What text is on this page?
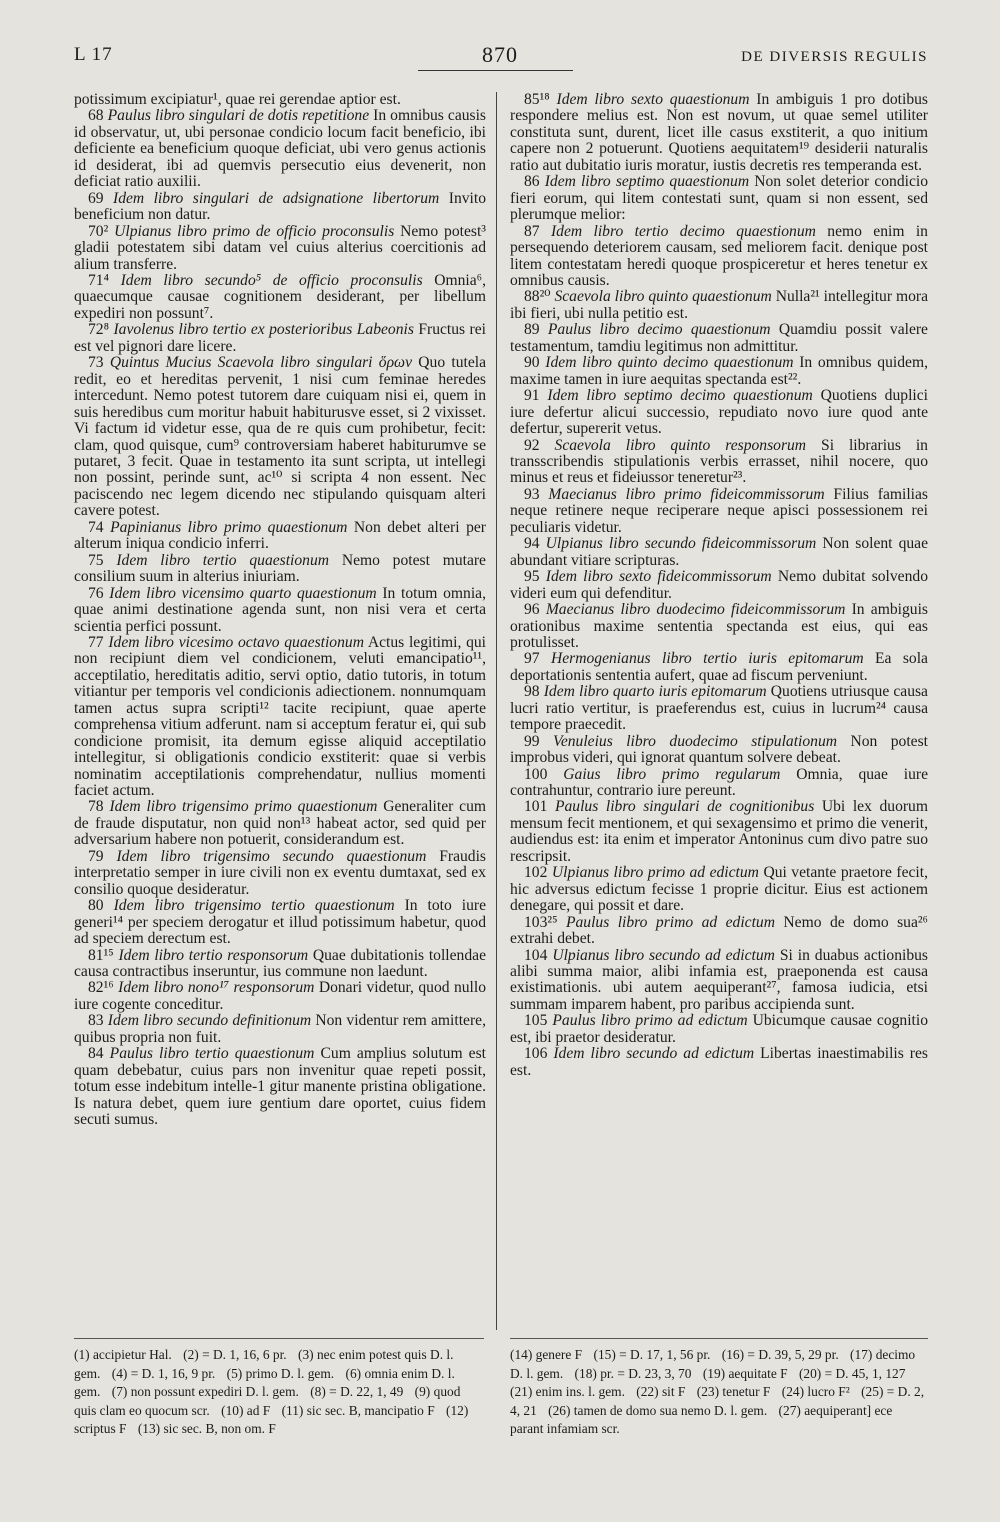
L 17	870	DE DIVERSIS REGULIS

potissimum excipiatur¹, quae rei gerendae aptior est.

68 Paulus libro singulari de dotis repetitione In omnibus causis id observatur, ut, ubi personae condicio locum facit beneficio, ibi deficiente ea beneficium quoque deficiat, ubi vero genus actionis id desiderat, ibi ad quemvis persecutio eius devenerit, non deficiat ratio auxilii.

69 Idem libro singulari de adsignatione libertorum Invito beneficium non datur.

70² Ulpianus libro primo de officio proconsulis Nemo potest³ gladii potestatem sibi datam vel cuius alterius coercitionis ad alium transferre.

71⁴ Idem libro secundo⁵ de officio proconsulis Omnia⁶, quaecumque causae cognitionem desiderant, per libellum expediri non possunt⁷.

72⁸ Iavolenus libro tertio ex posterioribus Labeonis Fructus rei est vel pignori dare licere.

73 Quintus Mucius Scaevola libro singulari ὅρων Quo tutela redit, eo et hereditas pervenit, 1 nisi cum feminae heredes intercedunt. Nemo potest tutorem dare cuiquam nisi ei, quem in suis heredibus cum moritur habuit habiturusve esset, si 2 vixisset. Vi factum id videtur esse, qua de re quis cum prohibetur, fecit: clam, quod quisque, cum⁹ controversiam haberet habiturumve se putaret, 3 fecit. Quae in testamento ita sunt scripta, ut intellegi non possint, perinde sunt, ac¹⁰ si scripta 4 non essent. Nec paciscendo nec legem dicendo nec stipulando quisquam alteri cavere potest.

74 Papinianus libro primo quaestionum Non debet alteri per alterum iniqua condicio inferri.

75 Idem libro tertio quaestionum Nemo potest mutare consilium suum in alterius iniuriam.

76 Idem libro vicensimo quarto quaestionum In totum omnia, quae animi destinatione agenda sunt, non nisi vera et certa scientia perfici possunt.

77 Idem libro vicesimo octavo quaestionum Actus legitimi, qui non recipiunt diem vel condicionem, veluti emancipatio¹¹, acceptilatio, hereditatis aditio, servi optio, datio tutoris, in totum vitiantur per temporis vel condicionis adiectionem. nonnumquam tamen actus supra scripti¹² tacite recipiunt, quae aperte comprehensa vitium adferunt. nam si acceptum feratur ei, qui sub condicione promisit, ita demum egisse aliquid acceptilatio intellegitur, si obligationis condicio exstiterit: quae si verbis nominatim acceptilationis comprehendatur, nullius momenti faciet actum.

78 Idem libro trigensimo primo quaestionum Generaliter cum de fraude disputatur, non quid non¹³ habeat actor, sed quid per adversarium habere non potuerit, considerandum est.

79 Idem libro trigensimo secundo quaestionum Fraudis interpretatio semper in iure civili non ex eventu dumtaxat, sed ex consilio quoque desideratur.

80 Idem libro trigensimo tertio quaestionum In toto iure generi¹⁴ per speciem derogatur et illud potissimum habetur, quod ad speciem derectum est.

81¹⁵ Idem libro tertio responsorum Quae dubitationis tollendae causa contractibus inseruntur, ius commune non laedunt.

82¹⁶ Idem libro nono¹⁷ responsorum Donari videtur, quod nullo iure cogente conceditur.

83 Idem libro secundo definitionum Non videntur rem amittere, quibus propria non fuit.

84 Paulus libro tertio quaestionum Cum amplius solutum est quam debebatur, cuius pars non invenitur quae repeti possit, totum esse indebitum intelle-1 gitur manente pristina obligatione. Is natura debet, quem iure gentium dare oportet, cuius fidem secuti sumus.

85¹⁸ Idem libro sexto quaestionum In ambiguis 1 pro dotibus respondere melius est. Non est novum, ut quae semel utiliter constituta sunt, durent, licet ille casus exstiterit, a quo initium capere non 2 potuerunt. Quotiens aequitatem¹⁹ desiderii naturalis ratio aut dubitatio iuris moratur, iustis decretis res temperanda est.

86 Idem libro septimo quaestionum Non solet deterior condicio fieri eorum, qui litem contestati sunt, quam si non essent, sed plerumque melior:

87 Idem libro tertio decimo quaestionum nemo enim in persequendo deteriorem causam, sed meliorem facit. denique post litem contestatam heredi quoque prospiceretur et heres tenetur ex omnibus causis.

88²⁰ Scaevola libro quinto quaestionum Nulla²¹ intellegitur mora ibi fieri, ubi nulla petitio est.

89 Paulus libro decimo quaestionum Quamdiu possit valere testamentum, tamdiu legitimus non admittitur.

90 Idem libro quinto decimo quaestionum In omnibus quidem, maxime tamen in iure aequitas spectanda est²².

91 Idem libro septimo decimo quaestionum Quotiens duplici iure defertur alicui successio, repudiato novo iure quod ante defertur, supererit vetus.

92 Scaevola libro quinto responsorum Si librarius in transscribendis stipulationis verbis errasset, nihil nocere, quo minus et reus et fideiussor teneretur²³.

93 Maecianus libro primo fideicommissorum Filius familias neque retinere neque reciperare neque apisci possessionem rei peculiaris videtur.

94 Ulpianus libro secundo fideicommissorum Non solent quae abundant vitiare scripturas.

95 Idem libro sexto fideicommissorum Nemo dubitat solvendo videri eum qui defenditur.

96 Maecianus libro duodecimo fideicommissorum In ambiguis orationibus maxime sententia spectanda est eius, qui eas protulisset.

97 Hermogenianus libro tertio iuris epitomarum Ea sola deportationis sententia aufert, quae ad fiscum perveniunt.

98 Idem libro quarto iuris epitomarum Quotiens utriusque causa lucri ratio vertitur, is praeferendus est, cuius in lucrum²⁴ causa tempore praecedit.

99 Venuleius libro duodecimo stipulationum Non potest improbus videri, qui ignorat quantum solvere debeat.

100 Gaius libro primo regularum Omnia, quae iure contrahuntur, contrario iure pereunt.

101 Paulus libro singulari de cognitionibus Ubi lex duorum mensum fecit mentionem, et qui sexagensimo et primo die venerit, audiendus est: ita enim et imperator Antoninus cum divo patre suo rescripsit.

102 Ulpianus libro primo ad edictum Qui vetante praetore fecit, hic adversus edictum fecisse 1 proprie dicitur. Eius est actionem denegare, qui possit et dare.

103²⁵ Paulus libro primo ad edictum Nemo de domo sua²⁶ extrahi debet.

104 Ulpianus libro secundo ad edictum Si in duabus actionibus alibi summa maior, alibi infamia est, praeponenda est causa existimationis. ubi autem aequiperant²⁷, famosa iudicia, etsi summam imparem habent, pro paribus accipienda sunt.

105 Paulus libro primo ad edictum Ubicumque causae cognitio est, ibi praetor desideratur.

106 Idem libro secundo ad edictum Libertas inaestimabilis res est.

(1) accipietur Hal. (2) = D. 1, 16, 6 pr. (3) nec enim potest quis D. l. gem. (4) = D. 1, 16, 9 pr. (5) primo D. l. gem. (6) omnia enim D. l. gem. (7) non possunt expediri D. l. gem. (8) = D. 22, 1, 49 (9) quod quis clam eo quocum scr. (10) ad F (11) sic sec. B, mancipatio F (12) scriptus F (13) sic sec. B, non om. F
(14) genere F (15) = D. 17, 1, 56 pr. (16) = D. 39, 5, 29 pr. (17) decimo D. l. gem. (18) pr. = D. 23, 3, 70 (19) aequitate F (20) = D. 45, 1, 127 (21) enim ins. l. gem. (22) sit F (23) tenetur F (24) lucro F² (25) = D. 2, 4, 21 (26) tamen de domo sua nemo D. l. gem. (27) aequiperant] ece parant infamiam scr.
